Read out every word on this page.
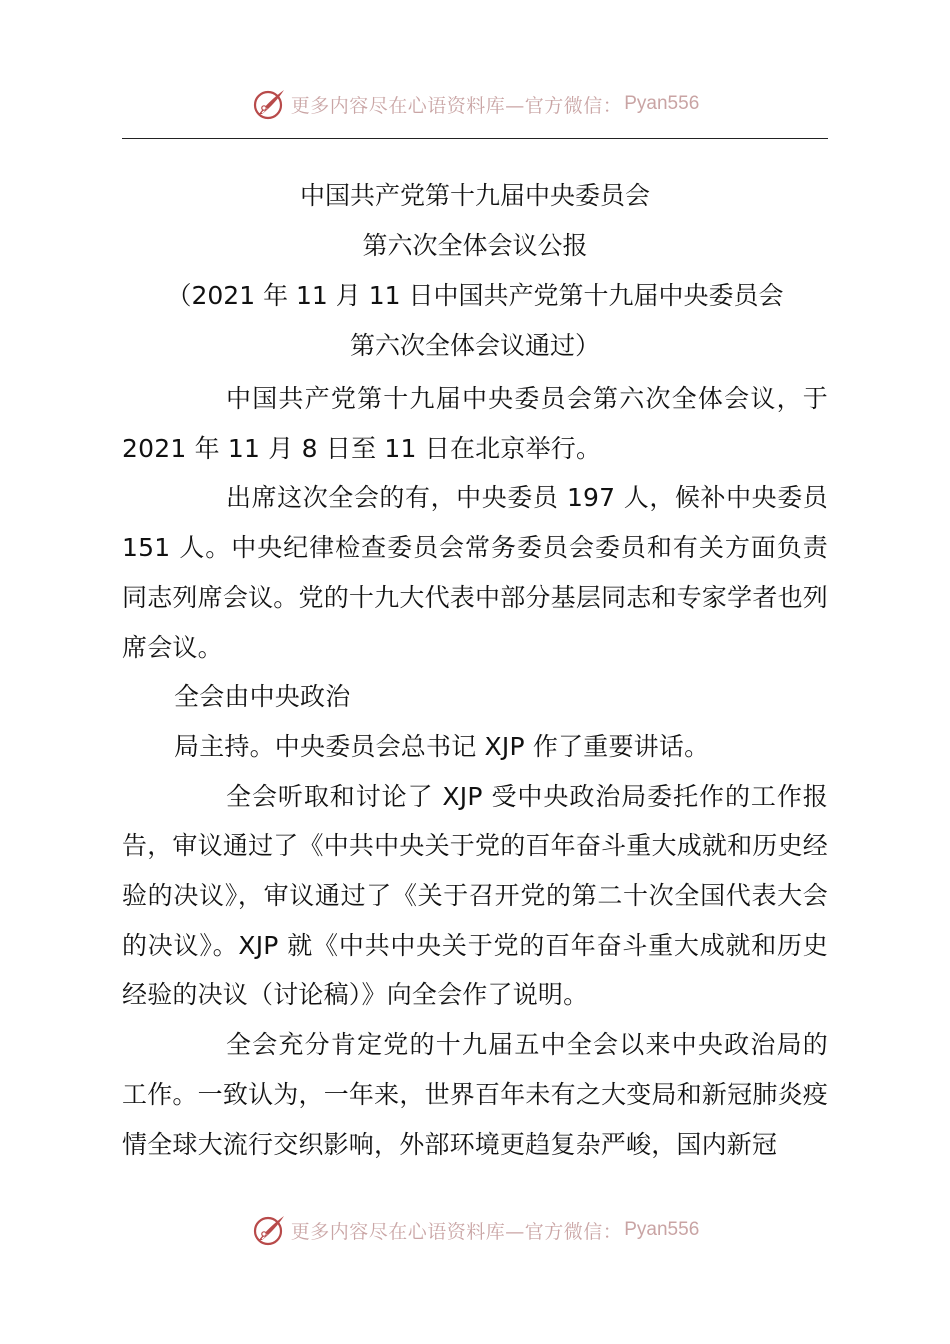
更多内容尽在心语资料库—官方微信： Pyan556
中国共产党第十九届中央委员会
第六次全体会议公报
（2021 年 11 月 11 日中国共产党第十九届中央委员会
第六次全体会议通过）

中国共产党第十九届中央委员会第六次全体会议，于2021 年 11 月 8 日至 11 日在北京举行。

出席这次全会的有，中央委员 197 人，候补中央委员151 人。中央纪律检查委员会常务委员会委员和有关方面负责同志列席会议。党的十九大代表中部分基层同志和专家学者也列席会议。

全会由中央政治

局主持。中央委员会总书记 XJP 作了重要讲话。

全会听取和讨论了 XJP 受中央政治局委托作的工作报告，审议通过了《中共中央关于党的百年奋斗重大成就和历史经验的决议》，审议通过了《关于召开党的第二十次全国代表大会的决议》。XJP 就《中共中央关于党的百年奋斗重大成就和历史经验的决议（讨论稿）》向全会作了说明。

全会充分肯定党的十九届五中全会以来中央政治局的工作。一致认为，一年来，世界百年未有之大变局和新冠肺炎疫情全球大流行交织影响，外部环境更趋复杂严峻，国内新冠

更多内容尽在心语资料库—官方微信： Pyan556
